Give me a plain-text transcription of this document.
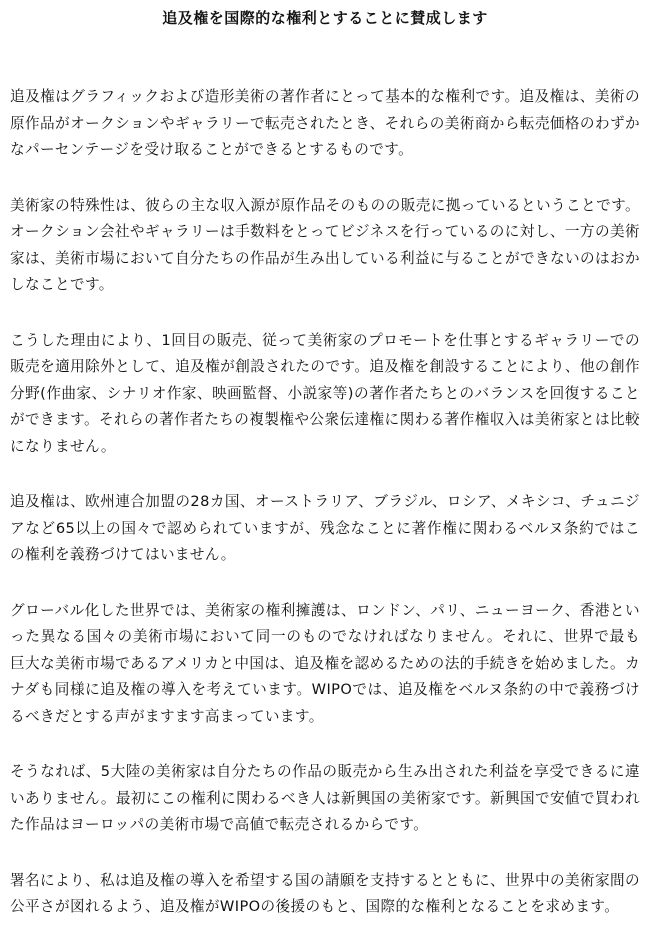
追及権を国際的な権利とすることに賛成します

追及権はグラフィックおよび造形美術の著作者にとって基本的な権利です。追及権は、美術の原作品がオークションやギャラリーで転売されたとき、それらの美術商から転売価格のわずかなパーセンテージを受け取ることができるとするものです。

美術家の特殊性は、彼らの主な収入源が原作品そのものの販売に拠っているということです。オークション会社やギャラリーは手数料をとってビジネスを行っているのに対し、一方の美術家は、美術市場において自分たちの作品が生み出している利益に与ることができないのはおかしなことです。

こうした理由により、1回目の販売、従って美術家のプロモートを仕事とするギャラリーでの販売を適用除外として、追及権が創設されたのです。追及権を創設することにより、他の創作分野(作曲家、シナリオ作家、映画監督、小説家等)の著作者たちとのバランスを回復することができます。それらの著作者たちの複製権や公衆伝達権に関わる著作権収入は美術家とは比較になりません。

追及権は、欧州連合加盟の28カ国、オーストラリア、ブラジル、ロシア、メキシコ、チュニジアなど65以上の国々で認められていますが、残念なことに著作権に関わるベルヌ条約ではこの権利を義務づけてはいません。

グローバル化した世界では、美術家の権利擁護は、ロンドン、パリ、ニューヨーク、香港といった異なる国々の美術市場において同一のものでなければなりません。それに、世界で最も巨大な美術市場であるアメリカと中国は、追及権を認めるための法的手続きを始めました。カナダも同様に追及権の導入を考えています。WIPOでは、追及権をベルヌ条約の中で義務づけるべきだとする声がますます高まっています。

そうなれば、5大陸の美術家は自分たちの作品の販売から生み出された利益を享受できるに違いありません。最初にこの権利に関わるべき人は新興国の美術家です。新興国で安値で買われた作品はヨーロッパの美術市場で高値で転売されるからです。

署名により、私は追及権の導入を希望する国の請願を支持するとともに、世界中の美術家間の公平さが図れるよう、追及権がWIPOの後援のもと、国際的な権利となることを求めます。
